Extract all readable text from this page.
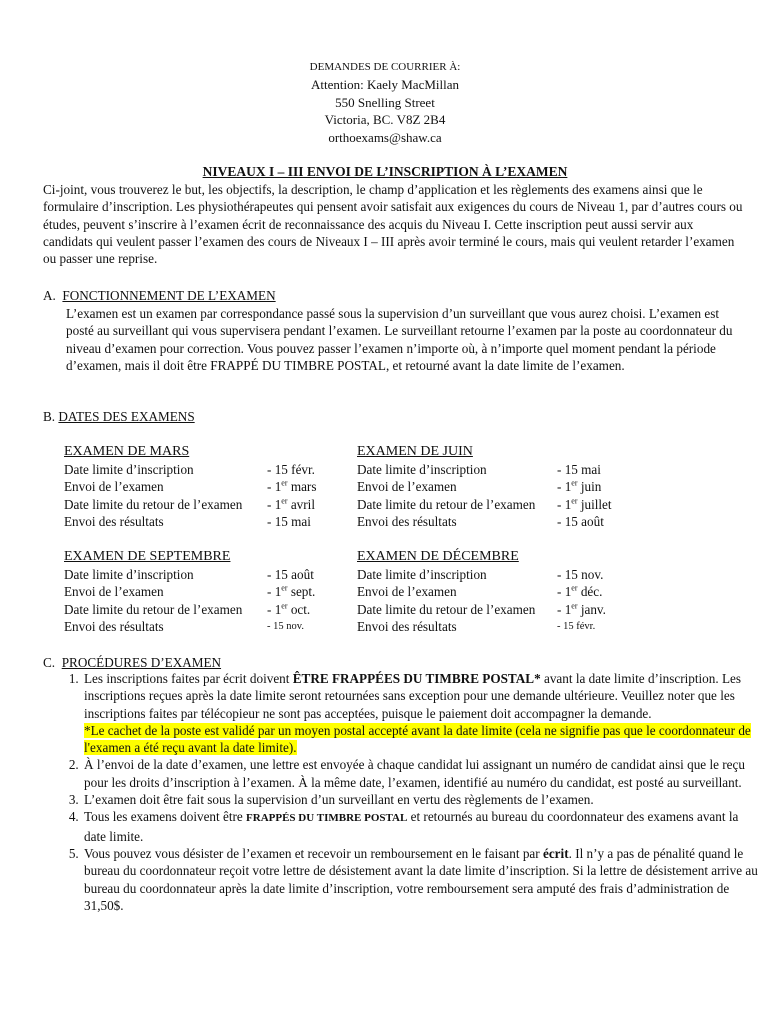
DEMANDES DE COURRIER À:
Attention: Kaely MacMillan
550 Snelling Street
Victoria, BC. V8Z 2B4
orthoexams@shaw.ca
NIVEAUX I – III ENVOI DE L’INSCRIPTION À L’EXAMEN
Ci-joint, vous trouverez le but, les objectifs, la description, le champ d’application et les règlements des examens ainsi que le formulaire d’inscription. Les physiothérapeutes qui pensent avoir satisfait aux exigences du cours de Niveau 1, par d’autres cours ou études, peuvent s’inscrire à l’examen écrit de reconnaissance des acquis du Niveau I. Cette inscription peut aussi servir aux candidats qui veulent passer l’examen des cours de Niveaux I – III après avoir terminé le cours, mais qui veulent retarder l’examen ou passer une reprise.
A. FONCTIONNEMENT DE L’EXAMEN
L’examen est un examen par correspondance passé sous la supervision d’un surveillant que vous aurez choisi. L’examen est posté au surveillant qui vous supervisera pendant l’examen. Le surveillant retourne l’examen par la poste au coordonnateur du niveau d’examen pour correction. Vous pouvez passer l’examen n’importe où, à n’importe quel moment pendant la période d’examen, mais il doit être FRAPPÉ DU TIMBRE POSTAL, et retourné avant la date limite de l’examen.
B. DATES DES EXAMENS
EXAMEN DE MARS
Date limite d’inscription	- 15 févr.
Envoi de l’examen	- 1er mars
Date limite du retour de l’examen - 1er avril
Envoi des résultats	- 15 mai
EXAMEN DE JUIN
Date limite d’inscription	- 15 mai
Envoi de l’examen	- 1er juin
Date limite du retour de l’examen - 1er juillet
Envoi des résultats	- 15 août
EXAMEN DE SEPTEMBRE
Date limite d’inscription	- 15 août
Envoi de l’examen	- 1er sept.
Date limite du retour de l’examen - 1er oct.
Envoi des résultats	- 15 nov.
EXAMEN DE DÉCEMBRE
Date limite d’inscription	- 15 nov.
Envoi de l’examen	- 1er déc.
Date limite du retour de l’examen - 1er janv.
Envoi des résultats	- 15 févr.
C. PROCÉDURES D’EXAMEN
1. Les inscriptions faites par écrit doivent ÊTRE FRAPPÉES DU TIMBRE POSTAL* avant la date limite d’inscription. Les inscriptions reçues après la date limite seront retournées sans exception pour une demande ultérieure. Veuillez noter que les inscriptions faites par télécopieur ne sont pas acceptées, puisque le paiement doit accompagner la demande.
*Le cachet de la poste est validé par un moyen postal accepté avant la date limite (cela ne signifie pas que le coordonnateur de l'examen a été reçu avant la date limite).
2. À l’envoi de la date d’examen, une lettre est envoyée à chaque candidat lui assignant un numéro de candidat ainsi que le reçu pour les droits d’inscription à l’examen. À la même date, l’examen, identifié au numéro du candidat, est posté au surveillant.
3. L’examen doit être fait sous la supervision d’un surveillant en vertu des règlements de l’examen.
4. Tous les examens doivent être FRAPPÉS DU TIMBRE POSTAL et retournés au bureau du coordonnateur des examens avant la date limite.
5. Vous pouvez vous désister de l’examen et recevoir un remboursement en le faisant par écrit. Il n’y a pas de pénalité quand le bureau du coordonnateur reçoit votre lettre de désistement avant la date limite d’inscription. Si la lettre de désistement arrive au bureau du coordonnateur après la date limite d’inscription, votre remboursement sera amputé des frais d’administration de 31,50$.
